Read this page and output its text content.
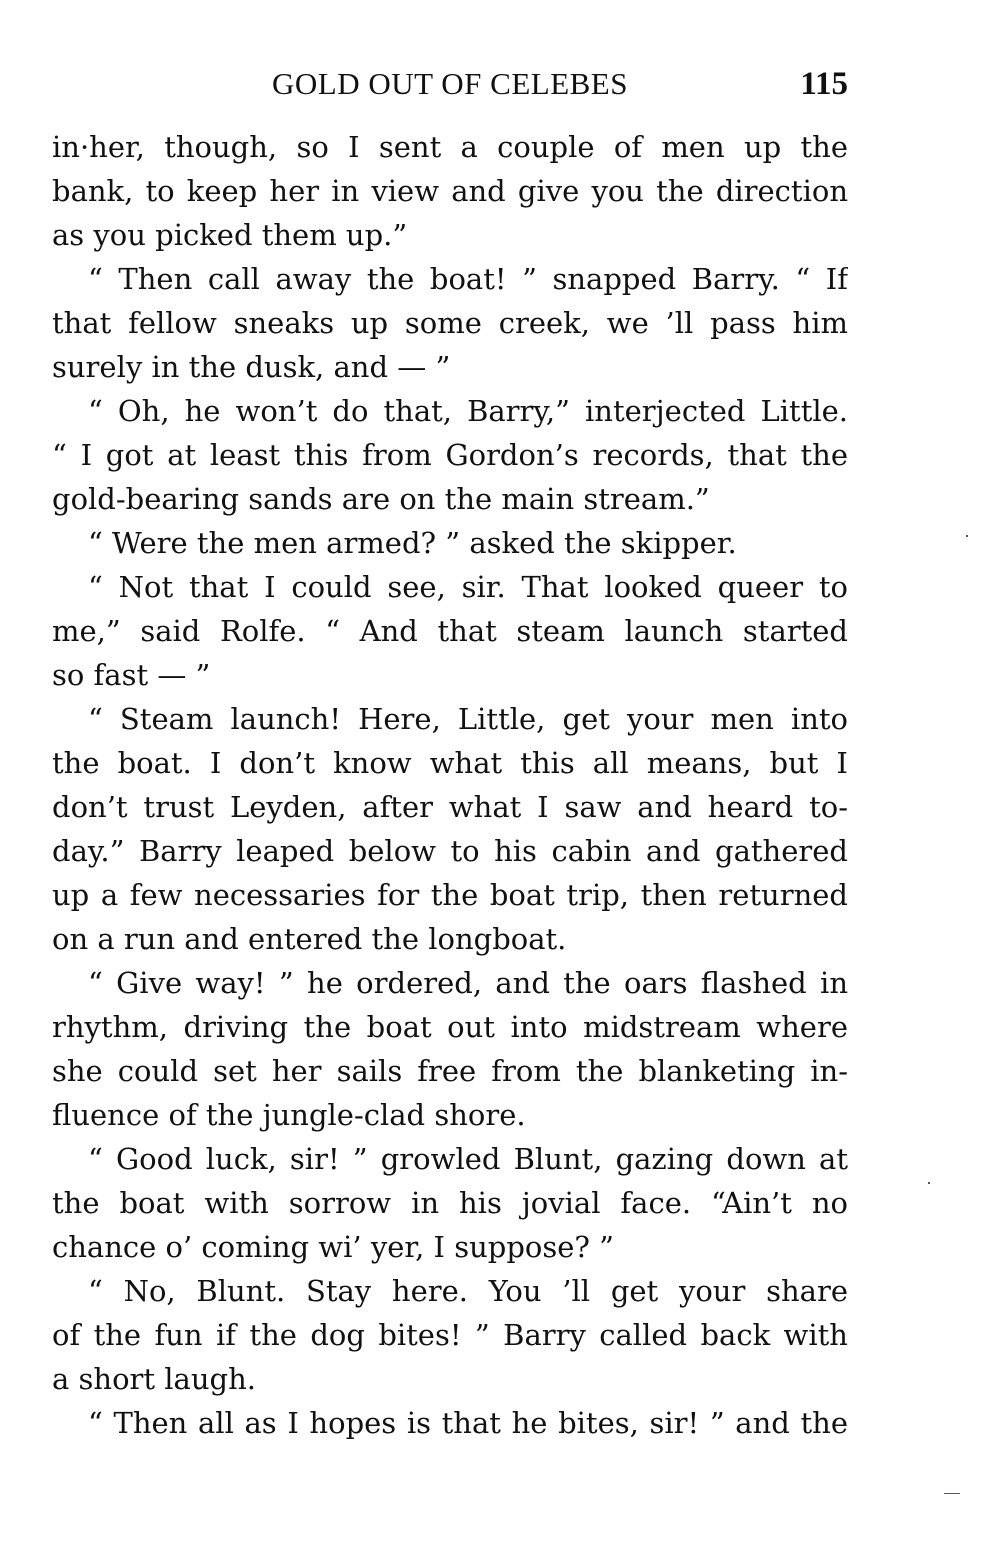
GOLD OUT OF CELEBES	115
in·her, though, so I sent a couple of men up the
bank, to keep her in view and give you the direction
as you picked them up.”
“ Then call away the boat! ” snapped Barry. “ If
that fellow sneaks up some creek, we ’ll pass him
surely in the dusk, and — ”
“ Oh, he won’t do that, Barry,” interjected Little.
“ I got at least this from Gordon’s records, that the
gold-bearing sands are on the main stream.”
“ Were the men armed? ” asked the skipper.
“ Not that I could see, sir. That looked queer to
me,” said Rolfe. “ And that steam launch started
so fast — ”
“ Steam launch! Here, Little, get your men into
the boat. I don’t know what this all means, but I
don’t trust Leyden, after what I saw and heard to-
day.” Barry leaped below to his cabin and gathered
up a few necessaries for the boat trip, then returned
on a run and entered the longboat.
“ Give way! ” he ordered, and the oars flashed in
rhythm, driving the boat out into midstream where
she could set her sails free from the blanketing in-
fluence of the jungle-clad shore.
“ Good luck, sir! ” growled Blunt, gazing down at
the boat with sorrow in his jovial face. “Ain’t no
chance o’ coming wi’ yer, I suppose? ”
“ No, Blunt. Stay here. You ’ll get your share
of the fun if the dog bites! ” Barry called back with
a short laugh.
“ Then all as I hopes is that he bites, sir! ” and the
